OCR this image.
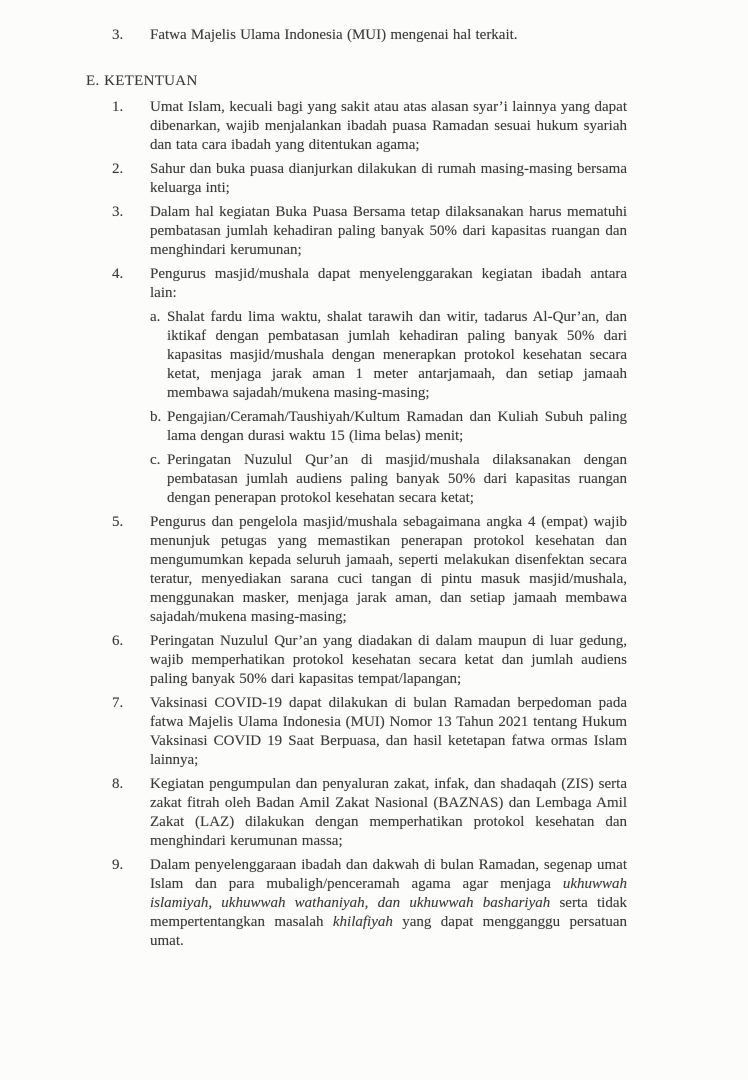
3.	Fatwa Majelis Ulama Indonesia (MUI) mengenai hal terkait.
E. KETENTUAN
1.	Umat Islam, kecuali bagi yang sakit atau atas alasan syar’i lainnya yang dapat dibenarkan, wajib menjalankan ibadah puasa Ramadan sesuai hukum syariah dan tata cara ibadah yang ditentukan agama;
2.	Sahur dan buka puasa dianjurkan dilakukan di rumah masing-masing bersama keluarga inti;
3.	Dalam hal kegiatan Buka Puasa Bersama tetap dilaksanakan harus mematuhi pembatasan jumlah kehadiran paling banyak 50% dari kapasitas ruangan dan menghindari kerumunan;
4.	Pengurus masjid/mushala dapat menyelenggarakan kegiatan ibadah antara lain:
a. Shalat fardu lima waktu, shalat tarawih dan witir, tadarus Al-Qur’an, dan iktikaf dengan pembatasan jumlah kehadiran paling banyak 50% dari kapasitas masjid/mushala dengan menerapkan protokol kesehatan secara ketat, menjaga jarak aman 1 meter antarjamaah, dan setiap jamaah membawa sajadah/mukena masing-masing;
b. Pengajian/Ceramah/Taushiyah/Kultum Ramadan dan Kuliah Subuh paling lama dengan durasi waktu 15 (lima belas) menit;
c. Peringatan Nuzulul Qur’an di masjid/mushala dilaksanakan dengan pembatasan jumlah audiens paling banyak 50% dari kapasitas ruangan dengan penerapan protokol kesehatan secara ketat;
5.	Pengurus dan pengelola masjid/mushala sebagaimana angka 4 (empat) wajib menunjuk petugas yang memastikan penerapan protokol kesehatan dan mengumumkan kepada seluruh jamaah, seperti melakukan disenfektan secara teratur, menyediakan sarana cuci tangan di pintu masuk masjid/mushala, menggunakan masker, menjaga jarak aman, dan setiap jamaah membawa sajadah/mukena masing-masing;
6.	Peringatan Nuzulul Qur’an yang diadakan di dalam maupun di luar gedung, wajib memperhatikan protokol kesehatan secara ketat dan jumlah audiens paling banyak 50% dari kapasitas tempat/lapangan;
7.	Vaksinasi COVID-19 dapat dilakukan di bulan Ramadan berpedoman pada fatwa Majelis Ulama Indonesia (MUI) Nomor 13 Tahun 2021 tentang Hukum Vaksinasi COVID 19 Saat Berpuasa, dan hasil ketetapan fatwa ormas Islam lainnya;
8.	Kegiatan pengumpulan dan penyaluran zakat, infak, dan shadaqah (ZIS) serta zakat fitrah oleh Badan Amil Zakat Nasional (BAZNAS) dan Lembaga Amil Zakat (LAZ) dilakukan dengan memperhatikan protokol kesehatan dan menghindari kerumunan massa;
9.	Dalam penyelenggaraan ibadah dan dakwah di bulan Ramadan, segenap umat Islam dan para mubaligh/penceramah agama agar menjaga ukhuwwah islamiyah, ukhuwwah wathaniyah, dan ukhuwwah bashariyah serta tidak mempertentangkan masalah khilafiyah yang dapat mengganggu persatuan umat.
